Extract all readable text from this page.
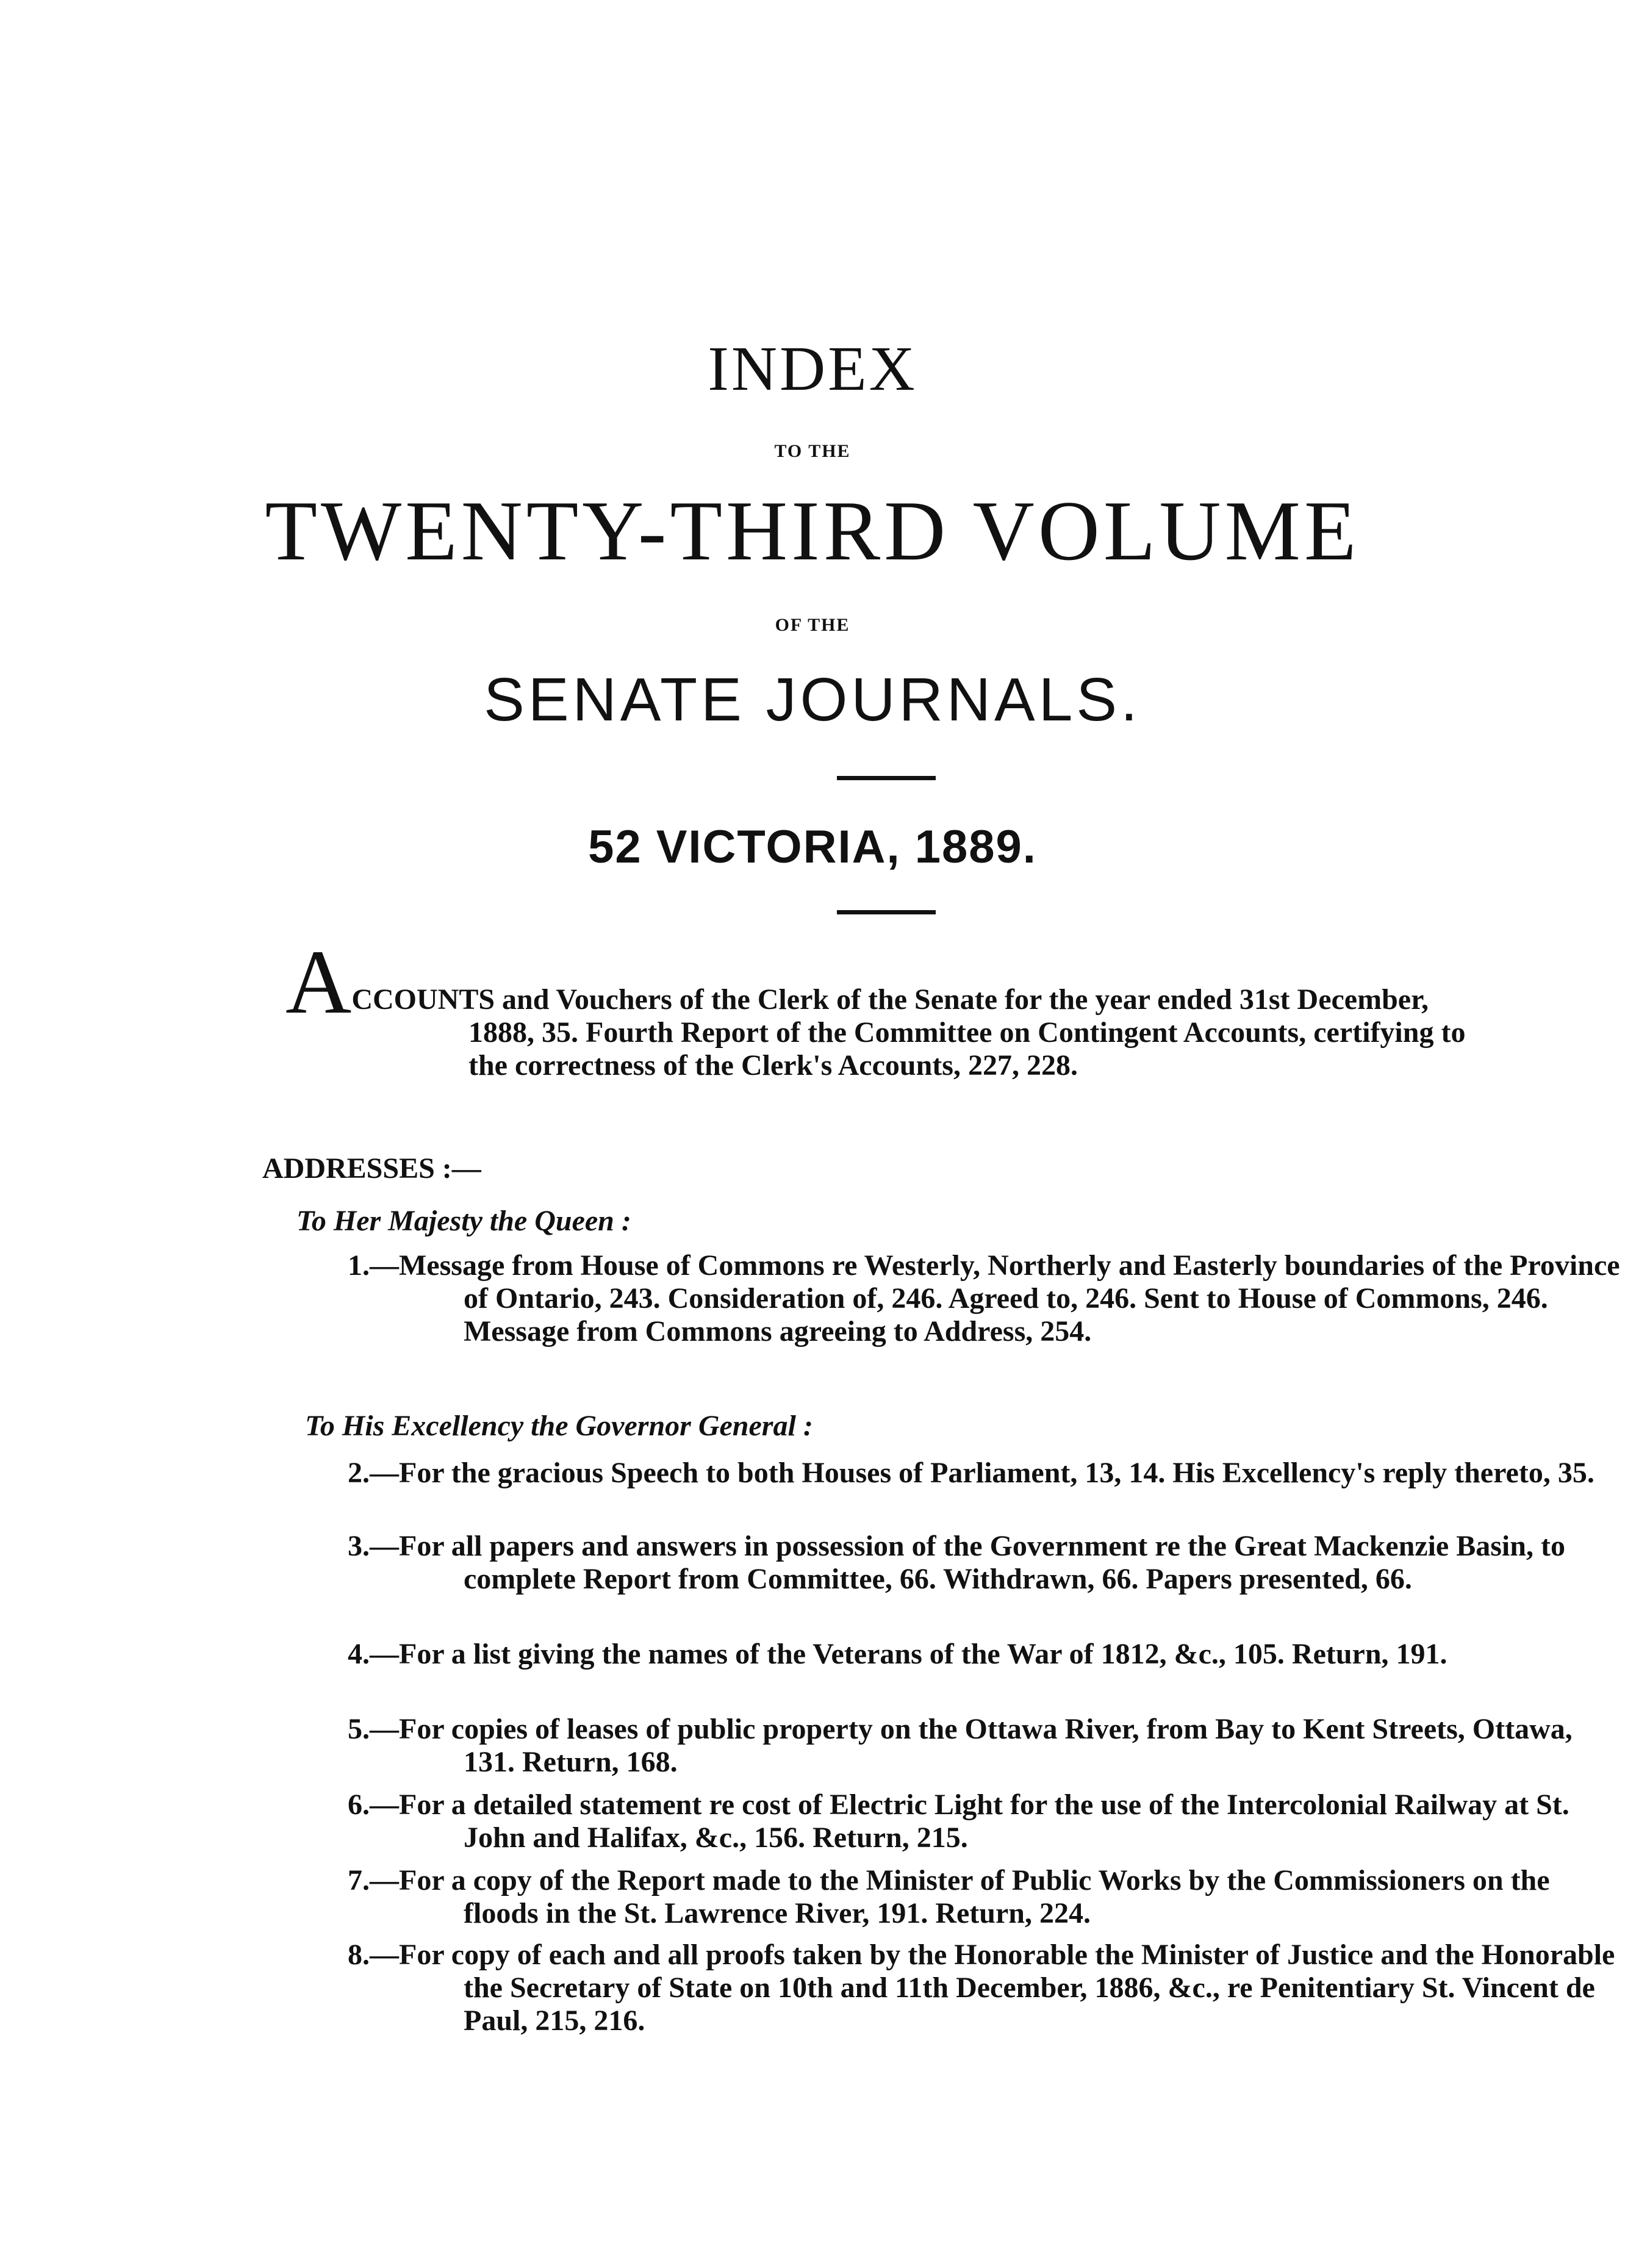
INDEX
TO THE
TWENTY-THIRD VOLUME
OF THE
SENATE JOURNALS.
52 VICTORIA, 1889.
ACCOUNTS and Vouchers of the Clerk of the Senate for the year ended 31st December, 1888, 35. Fourth Report of the Committee on Contingent Accounts, certifying to the correctness of the Clerk's Accounts, 227, 228.
ADDRESSES :—
To Her Majesty the Queen :
1.—Message from House of Commons re Westerly, Northerly and Easterly boundaries of the Province of Ontario, 243. Consideration of, 246. Agreed to, 246. Sent to House of Commons, 246. Message from Commons agreeing to Address, 254.
To His Excellency the Governor General :
2.—For the gracious Speech to both Houses of Parliament, 13, 14. His Excellency's reply thereto, 35.
3.—For all papers and answers in possession of the Government re the Great Mackenzie Basin, to complete Report from Committee, 66. Withdrawn, 66. Papers presented, 66.
4.—For a list giving the names of the Veterans of the War of 1812, &c., 105. Return, 191.
5.—For copies of leases of public property on the Ottawa River, from Bay to Kent Streets, Ottawa, 131. Return, 168.
6.—For a detailed statement re cost of Electric Light for the use of the Intercolonial Railway at St. John and Halifax, &c., 156. Return, 215.
7.—For a copy of the Report made to the Minister of Public Works by the Commissioners on the floods in the St. Lawrence River, 191. Return, 224.
8.—For copy of each and all proofs taken by the Honorable the Minister of Justice and the Honorable the Secretary of State on 10th and 11th December, 1886, &c., re Penitentiary St. Vincent de Paul, 215, 216.
